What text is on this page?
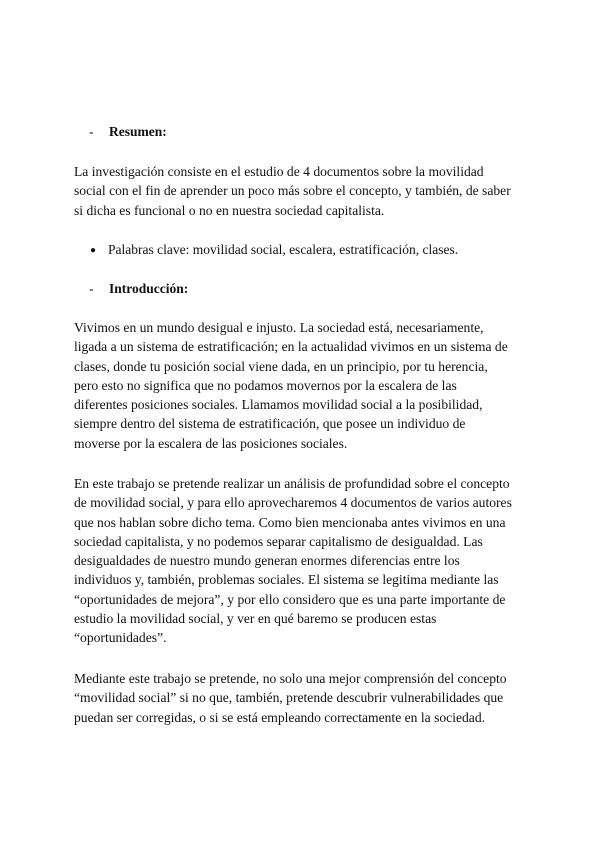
- Resumen:

La investigación consiste en el estudio de 4 documentos sobre la movilidad
social con el fin de aprender un poco más sobre el concepto, y también, de saber
si dicha es funcional o no en nuestra sociedad capitalista.

● Palabras clave: movilidad social, escalera, estratificación, clases.
- Introducción:

Vivimos en un mundo desigual e injusto. La sociedad está, necesariamente,
ligada a un sistema de estratificación; en la actualidad vivimos en un sistema de
clases, donde tu posición social viene dada, en un principio, por tu herencia,
pero esto no significa que no podamos movernos por la escalera de las
diferentes posiciones sociales. Llamamos movilidad social a la posibilidad,
siempre dentro del sistema de estratificación, que posee un individuo de
moverse por la escalera de las posiciones sociales.

En este trabajo se pretende realizar un análisis de profundidad sobre el concepto
de movilidad social, y para ello aprovecharemos 4 documentos de varios autores
que nos hablan sobre dicho tema. Como bien mencionaba antes vivimos en una
sociedad capitalista, y no podemos separar capitalismo de desigualdad. Las
desigualdades de nuestro mundo generan enormes diferencias entre los
individuos y, también, problemas sociales. El sistema se legitima mediante las
“oportunidades de mejora”, y por ello considero que es una parte importante de
estudio la movilidad social, y ver en qué baremo se producen estas
“oportunidades”.

Mediante este trabajo se pretende, no solo una mejor comprensión del concepto
“movilidad social” si no que, también, pretende descubrir vulnerabilidades que
puedan ser corregidas, o si se está empleando correctamente en la sociedad.
